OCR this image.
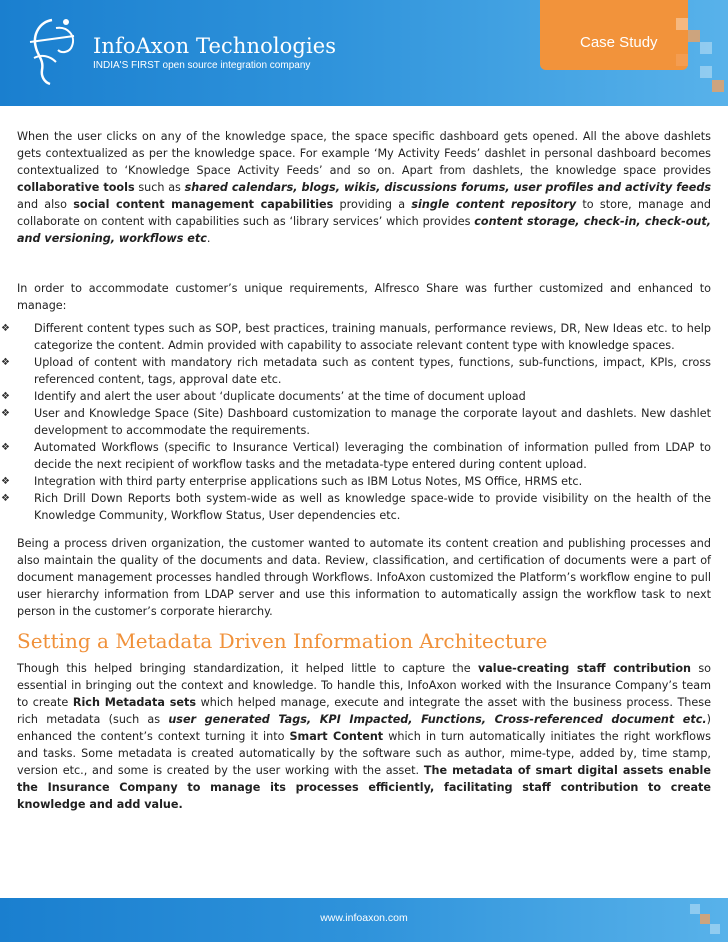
InfoAxon Technologies
INDIA'S FIRST open source integration company
Case Study

When the user clicks on any of the knowledge space, the space specific dashboard gets opened. All the above dashlets gets contextualized as per the knowledge space. For example ‘My Activity Feeds’ dashlet in personal dashboard becomes contextualized to ‘Knowledge Space Activity Feeds’ and so on. Apart from dashlets, the knowledge space provides collaborative tools such as shared calendars, blogs, wikis, discussions forums, user profiles and activity feeds and also social content management capabilities providing a single content repository to store, manage and collaborate on content with capabilities such as ‘library services’ which provides content storage, check-in, check-out, and versioning, workflows etc.

In order to accommodate customer’s unique requirements, Alfresco Share was further customized and enhanced to manage:

❖ Different content types such as SOP, best practices, training manuals, performance reviews, DR, New Ideas etc. to help categorize the content. Admin provided with capability to associate relevant content type with knowledge spaces.
❖ Upload of content with mandatory rich metadata such as content types, functions, sub-functions, impact, KPIs, cross referenced content, tags, approval date etc.
❖ Identify and alert the user about ‘duplicate documents’ at the time of document upload
❖ User and Knowledge Space (Site) Dashboard customization to manage the corporate layout and dashlets. New dashlet development to accommodate the requirements.
❖ Automated Workflows (specific to Insurance Vertical) leveraging the combination of information pulled from LDAP to decide the next recipient of workflow tasks and the metadata-type entered during content upload.
❖ Integration with third party enterprise applications such as IBM Lotus Notes, MS Office, HRMS etc.
❖ Rich Drill Down Reports both system-wide as well as knowledge space-wide to provide visibility on the health of the Knowledge Community, Workflow Status, User dependencies etc.

Being a process driven organization, the customer wanted to automate its content creation and publishing processes and also maintain the quality of the documents and data. Review, classification, and certification of documents were a part of document management processes handled through Workflows. InfoAxon customized the Platform’s workflow engine to pull user hierarchy information from LDAP server and use this information to automatically assign the workflow task to next person in the customer’s corporate hierarchy.

Setting a Metadata Driven Information Architecture

Though this helped bringing standardization, it helped little to capture the value-creating staff contribution so essential in bringing out the context and knowledge. To handle this, InfoAxon worked with the Insurance Company’s team to create Rich Metadata sets which helped manage, execute and integrate the asset with the business process. These rich metadata (such as user generated Tags, KPI Impacted, Functions, Cross-referenced document etc.) enhanced the content’s context turning it into Smart Content which in turn automatically initiates the right workflows and tasks. Some metadata is created automatically by the software such as author, mime-type, added by, time stamp, version etc., and some is created by the user working with the asset. The metadata of smart digital assets enable the Insurance Company to manage its processes efficiently, facilitating staff contribution to create knowledge and add value.

www.infoaxon.com
